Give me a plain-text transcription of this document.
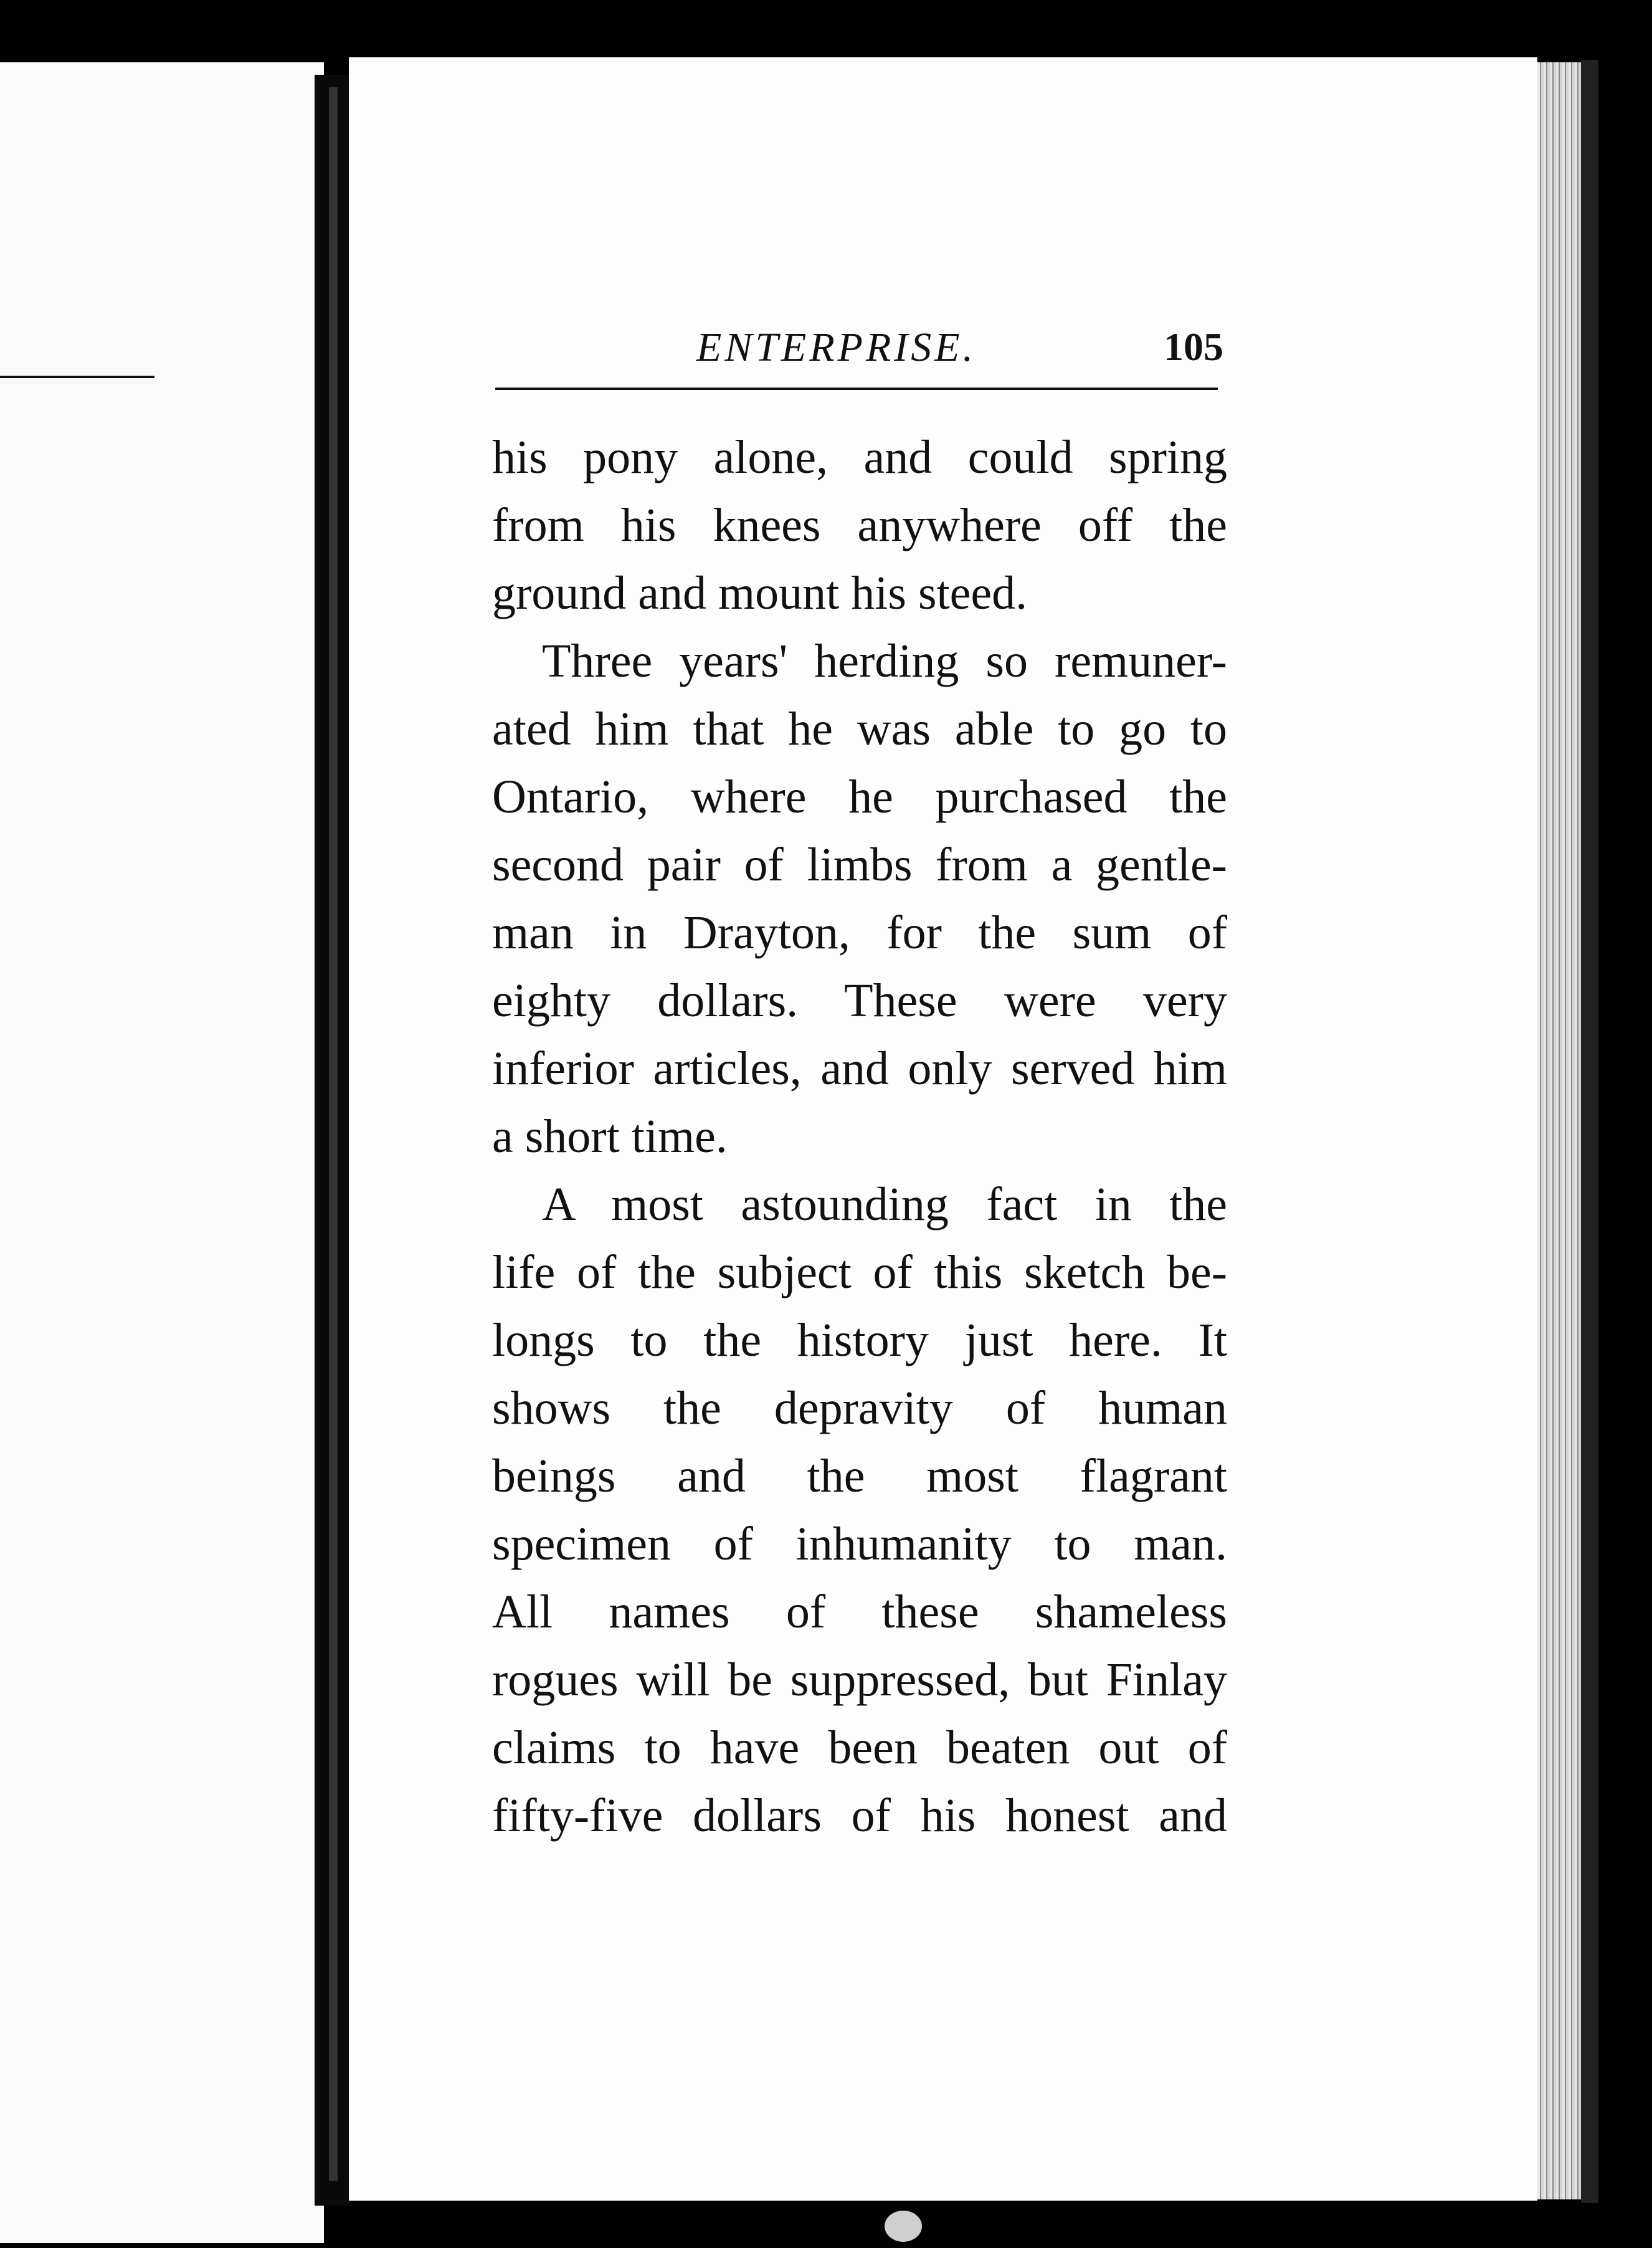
ENTERPRISE.	105

his pony alone, and could spring

from his knees anywhere off the

ground and mount his steed.

Three years' herding so remuner-

ated him that he was able to go to

Ontario, where he purchased the

second pair of limbs from a gentle-

man in Drayton, for the sum of

eighty dollars. These were very

inferior articles, and only served him

a short time.

A most astounding fact in the

life of the subject of this sketch be-

longs to the history just here. It

shows the depravity of human

beings and the most flagrant

specimen of inhumanity to man.

All names of these shameless

rogues will be suppressed, but Finlay

claims to have been beaten out of

fifty-five dollars of his honest and
